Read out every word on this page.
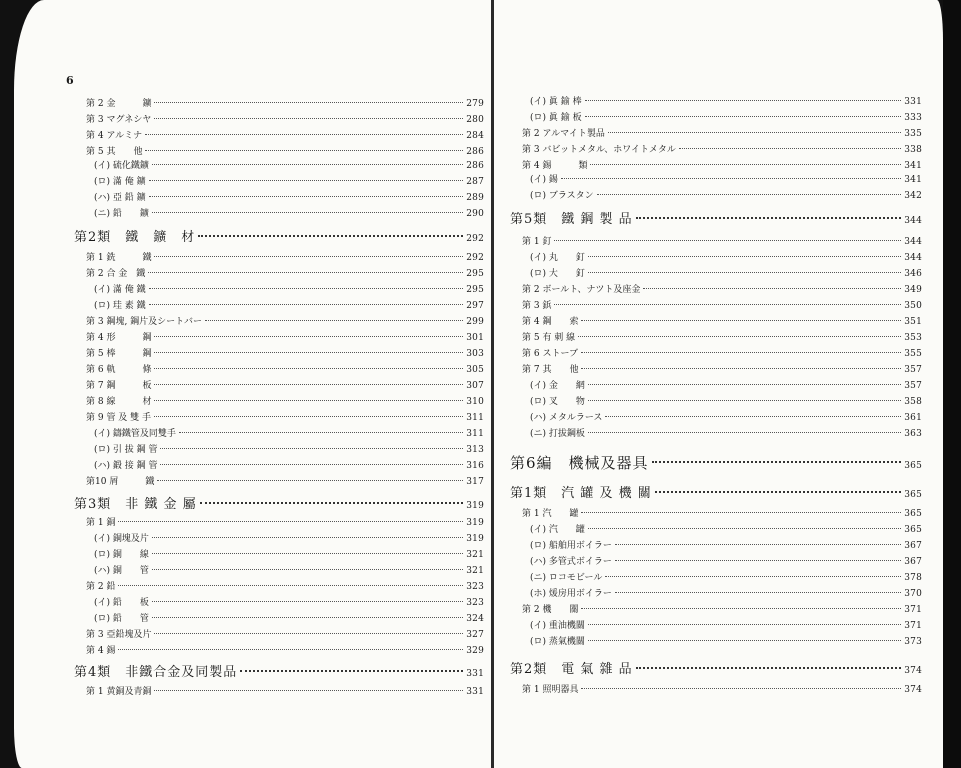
6
第 2 金　　　鑛	279
第 3 マグネシヤ	280
第 4 アルミナ	284
第 5 其　　他	286
(イ) 硫化鐵鑛	286
(ロ) 滿 俺 鑛	287
(ハ) 亞 鉛 鑛	289
(ニ) 鉛　　鑛	290
第2類　鐵　鑛　材	292
第 1 銑　　　鐵	292
第 2 合 金　鐵	295
(イ) 滿 俺 鐵	295
(ロ) 珪 素 鐵	297
第 3 鋼塊, 鋼片及シートバー	299
第 4 形　　　鋼	301
第 5 棒　　　鋼	303
第 6 軌　　　條	305
第 7 鋼　　　板	307
第 8 線　　　材	310
第 9 管 及 雙 手	311
(イ) 鑄鐵管及同雙手	311
(ロ) 引 拔 鋼 管	313
(ハ) 鍛 接 鋼 管	316
第10 屑　　　鐵	317
第3類　非 鐵 金 屬	319
第 1 銅	319
(イ) 銅塊及片	319
(ロ) 銅　　線	321
(ハ) 銅　　管	321
第 2 鉛	323
(イ) 鉛　　板	323
(ロ) 鉛　　管	324
第 3 亞鉛塊及片	327
第 4 錫	329
第4類　非鐵合金及同製品	331
第 1 黄銅及青銅	331
(イ) 眞 鍮 棒	331
(ロ) 眞 鍮 板	333
第 2 アルマイト製品	335
第 3 バビットメタル、ホワイトメタル	338
第 4 錫　　　類	341
(イ) 錫	341
(ロ) ブラスタン	342
第5類　鐵 鋼 製 品	344
第 1 釘	344
(イ) 丸　　釘	344
(ロ) 大　　釘	346
第 2 ボールト、ナツト及座金	349
第 3 鋲	350
第 4 鋼　　索	351
第 5 有 刺 線	353
第 6 ストーブ	355
第 7 其　　他	357
(イ) 金　　網	357
(ロ) 叉　　物	358
(ハ) メタルラース	361
(ニ) 打拔鋼板	363
第6編　機械及器具	365
第1類　汽 罐 及 機 關	365
第 1 汽　　罐	365
(イ) 汽　　罐	365
(ロ) 船舶用ボイラー	367
(ハ) 多管式ボイラー	367
(ニ) ロコモビール	378
(ホ) 煖房用ボイラー	370
第 2 機　　關	371
(イ) 重油機關	371
(ロ) 蒸氣機關	373
第2類　電 氣 雜 品	374
第 1 照明器具	374
